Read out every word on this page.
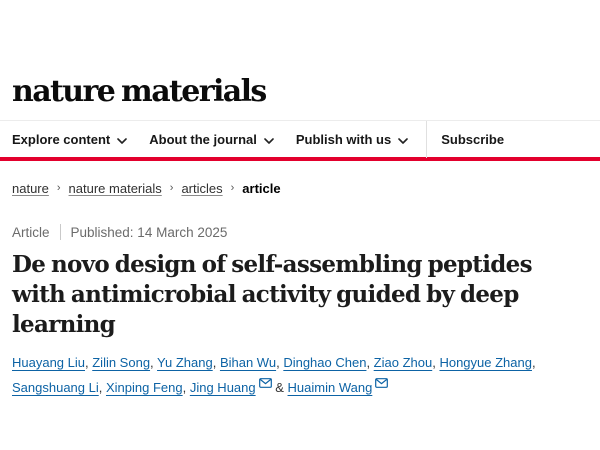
nature materials
Explore content	About the journal	Publish with us	Subscribe
nature › nature materials › articles › article
Article Published: 14 March 2025
De novo design of self-assembling peptides with antimicrobial activity guided by deep learning

Huayang Liu, Zilin Song, Yu Zhang, Bihan Wu, Dinghao Chen, Ziao Zhou, Hongyue Zhang, Sangshuang Li, Xinping Feng, Jing Huang & Huaimin Wang
